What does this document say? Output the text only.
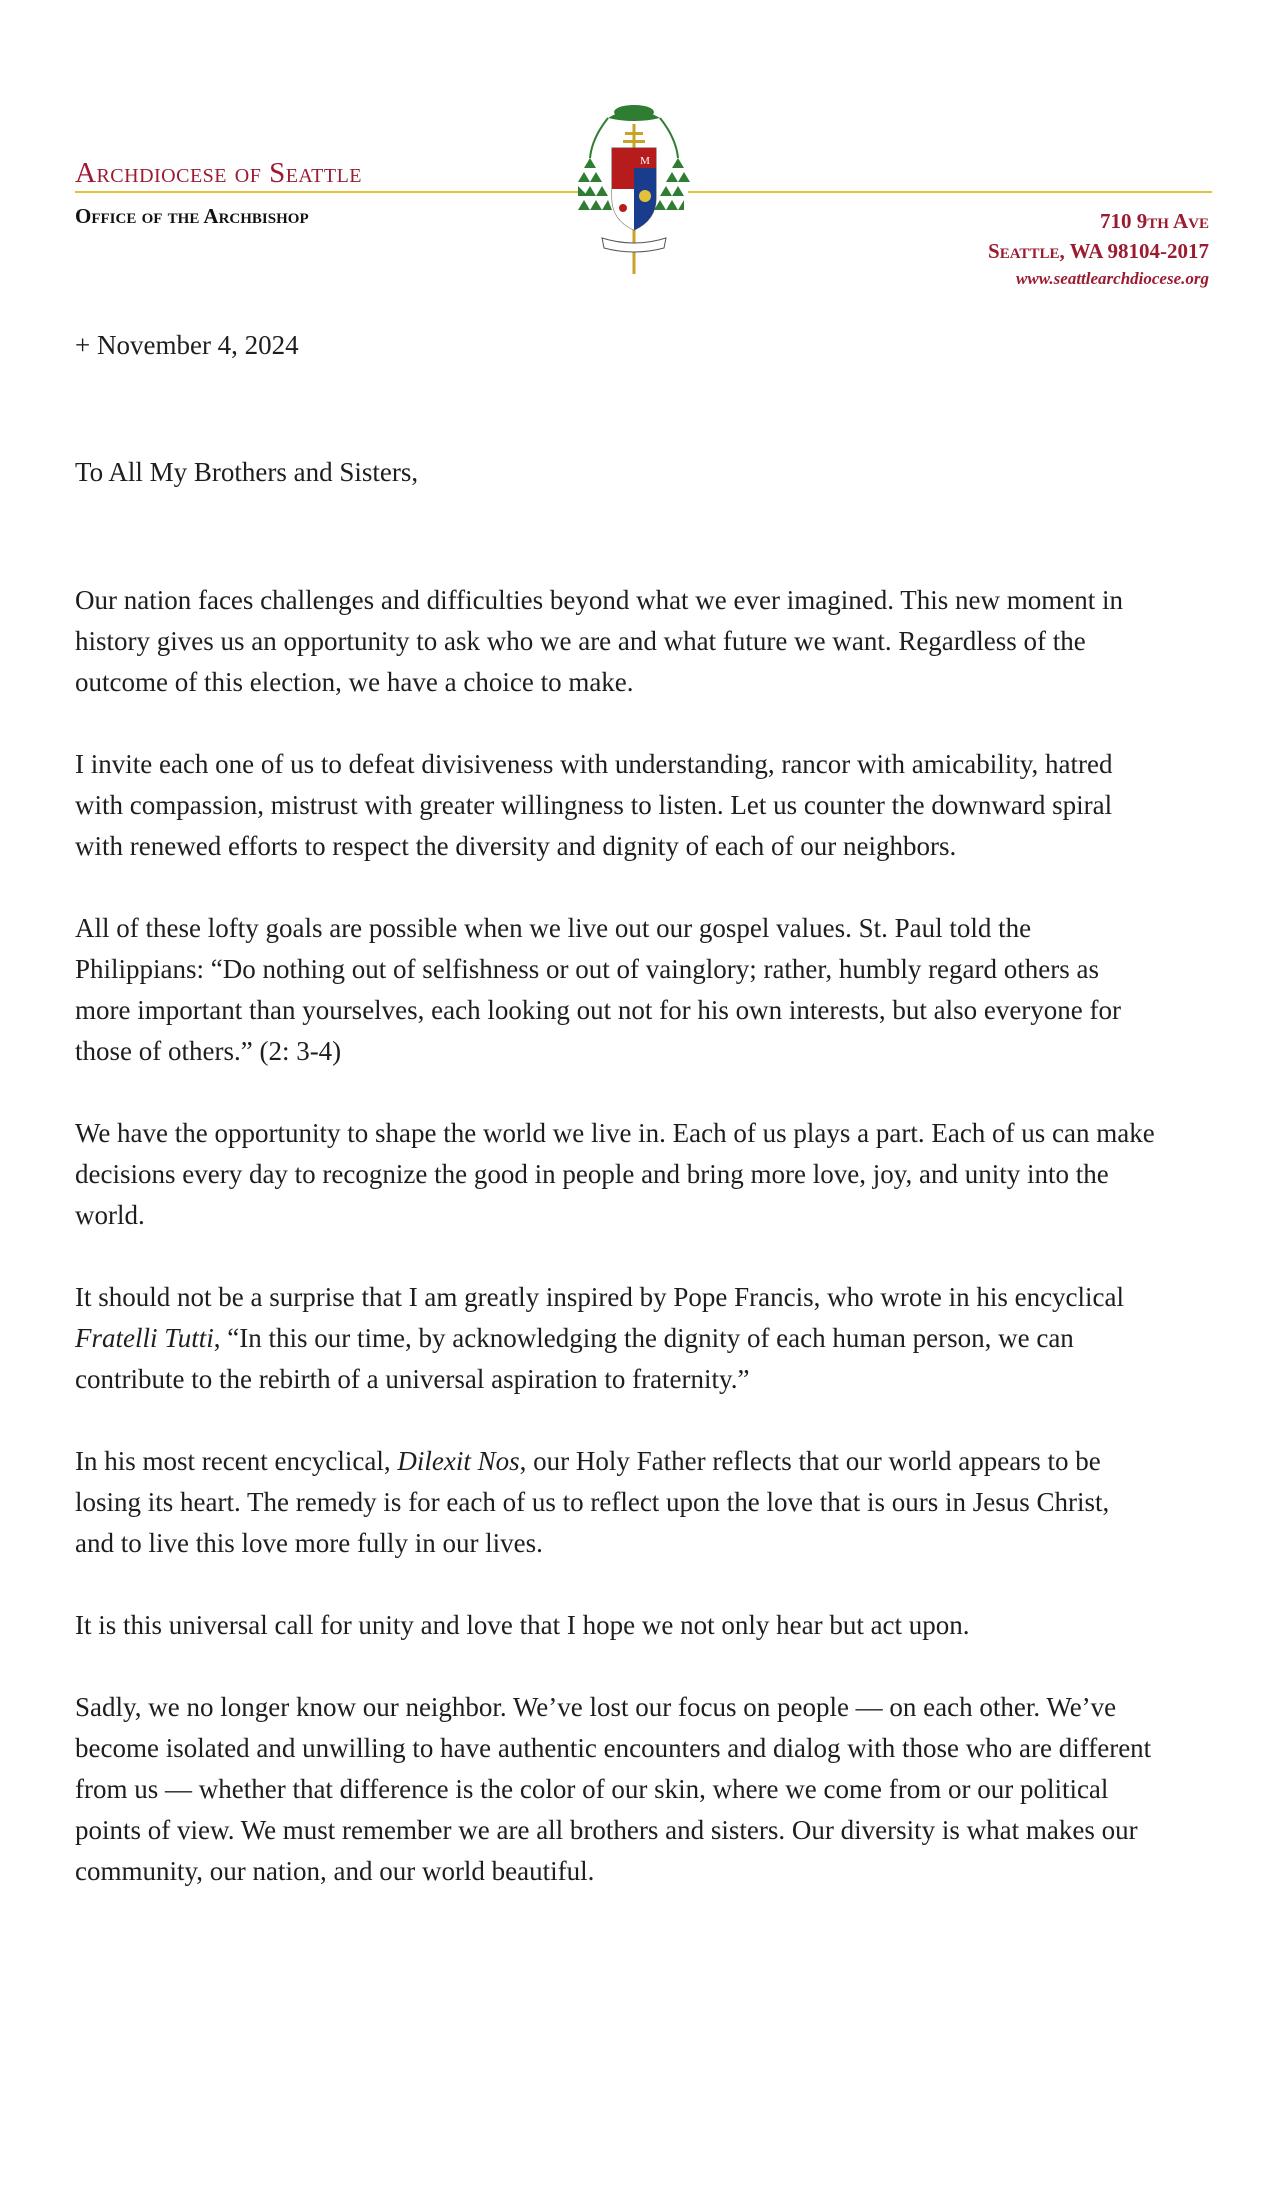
Archdiocese of Seattle
Office of the Archbishop
M
710 9th Ave
Seattle, WA 98104-2017
www.seattlearchdiocese.org
+ November 4, 2024
To All My Brothers and Sisters,

Our nation faces challenges and difficulties beyond what we ever imagined. This new moment in history gives us an opportunity to ask who we are and what future we want. Regardless of the outcome of this election, we have a choice to make.

I invite each one of us to defeat divisiveness with understanding, rancor with amicability, hatred with compassion, mistrust with greater willingness to listen. Let us counter the downward spiral with renewed efforts to respect the diversity and dignity of each of our neighbors.

All of these lofty goals are possible when we live out our gospel values. St. Paul told the Philippians: “Do nothing out of selfishness or out of vainglory; rather, humbly regard others as more important than yourselves, each looking out not for his own interests, but also everyone for those of others.” (2: 3-4)

We have the opportunity to shape the world we live in. Each of us plays a part. Each of us can make decisions every day to recognize the good in people and bring more love, joy, and unity into the world.

It should not be a surprise that I am greatly inspired by Pope Francis, who wrote in his encyclical Fratelli Tutti, “In this our time, by acknowledging the dignity of each human person, we can contribute to the rebirth of a universal aspiration to fraternity.”

In his most recent encyclical, Dilexit Nos, our Holy Father reflects that our world appears to be losing its heart. The remedy is for each of us to reflect upon the love that is ours in Jesus Christ, and to live this love more fully in our lives.

It is this universal call for unity and love that I hope we not only hear but act upon.

Sadly, we no longer know our neighbor. We’ve lost our focus on people — on each other. We’ve become isolated and unwilling to have authentic encounters and dialog with those who are different from us — whether that difference is the color of our skin, where we come from or our political points of view. We must remember we are all brothers and sisters. Our diversity is what makes our community, our nation, and our world beautiful.
